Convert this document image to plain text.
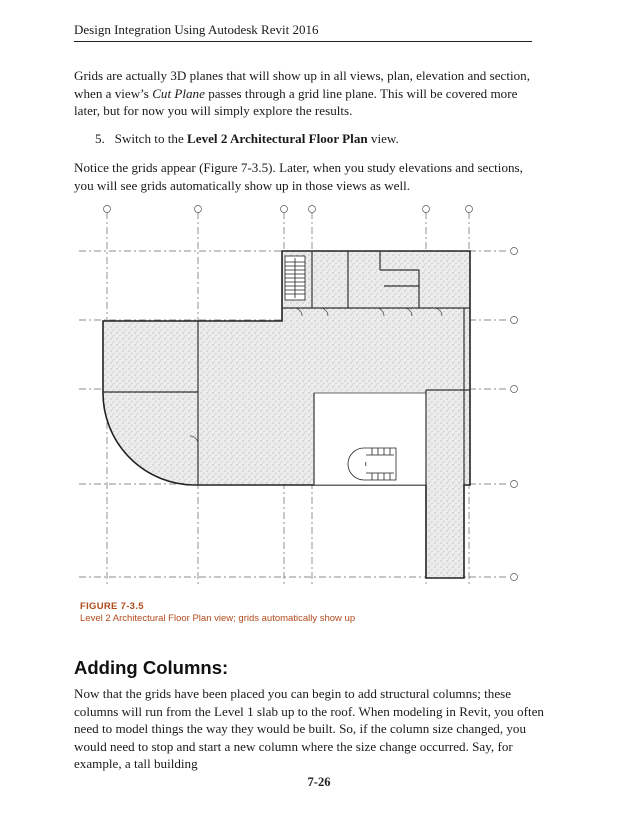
Design Integration Using Autodesk Revit 2016
Grids are actually 3D planes that will show up in all views, plan, elevation and section, when a view’s Cut Plane passes through a grid line plane. This will be covered more later, but for now you will simply explore the results.
5. Switch to the Level 2 Architectural Floor Plan view.
Notice the grids appear (Figure 7-3.5). Later, when you study elevations and sections, you will see grids automatically show up in those views as well.
FIGURE 7-3.5
Level 2 Architectural Floor Plan view; grids automatically show up
Adding Columns:
Now that the grids have been placed you can begin to add structural columns; these columns will run from the Level 1 slab up to the roof. When modeling in Revit, you often need to model things the way they would be built. So, if the column size changed, you would need to stop and start a new column where the size change occurred. Say, for example, a tall building
7-26
